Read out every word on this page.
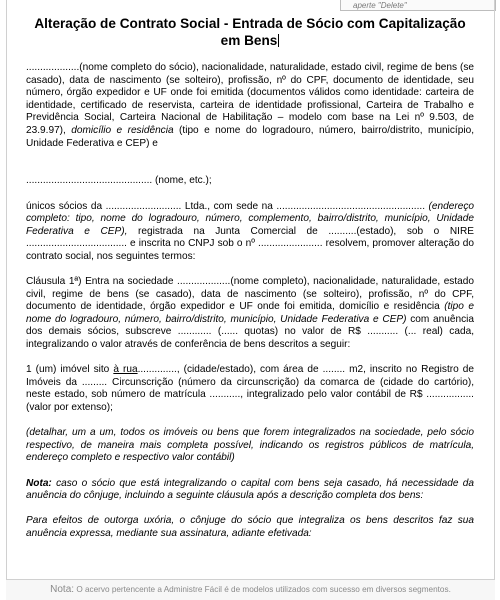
aperte "Delete"
Alteração de Contrato Social - Entrada de Sócio com Capitalização em Bens

...................(nome completo do sócio), nacionalidade, naturalidade, estado civil, regime de bens (se casado), data de nascimento (se solteiro), profissão, nº do CPF, documento de identidade, seu número, órgão expedidor e UF onde foi emitida (documentos válidos como identidade: carteira de identidade, certificado de reservista, carteira de identidade profissional, Carteira de Trabalho e Previdência Social, Carteira Nacional de Habilitação – modelo com base na Lei nº 9.503, de 23.9.97), domicílio e residência (tipo e nome do logradouro, número, bairro/distrito, município, Unidade Federativa e CEP) e

............................................. (nome, etc.);

únicos sócios da ........................... Ltda., com sede na ..................................................... (endereço completo: tipo, nome do logradouro, número, complemento, bairro/distrito, município, Unidade Federativa e CEP), registrada na Junta Comercial de ..........(estado), sob o NIRE .................................... e inscrita no CNPJ sob o nº ....................... resolvem, promover alteração do contrato social, nos seguintes termos:

Cláusula 1ª) Entra na sociedade ...................(nome completo), nacionalidade, naturalidade, estado civil, regime de bens (se casado), data de nascimento (se solteiro), profissão, nº do CPF, documento de identidade, órgão expedidor e UF onde foi emitida, domicílio e residência (tipo e nome do logradouro, número, bairro/distrito, município, Unidade Federativa e CEP) com anuência dos demais sócios, subscreve ............ (...... quotas) no valor de R$ ........... (... real) cada, integralizando o valor através de conferência de bens descritos a seguir:

1 (um) imóvel sito à rua.............., (cidade/estado), com área de ........ m2, inscrito no Registro de Imóveis da ......... Circunscrição (número da circunscrição) da comarca de (cidade do cartório), neste estado, sob número de matrícula ..........., integralizado pelo valor contábil de R$ ................. (valor por extenso);

(detalhar, um a um, todos os imóveis ou bens que forem integralizados na sociedade, pelo sócio respectivo, de maneira mais completa possível, indicando os registros públicos de matrícula, endereço completo e respectivo valor contábil)

Nota: caso o sócio que está integralizando o capital com bens seja casado, há necessidade da anuência do cônjuge, incluindo a seguinte cláusula após a descrição completa dos bens:

Para efeitos de outorga uxória, o cônjuge do sócio que integraliza os bens descritos faz sua anuência expressa, mediante sua assinatura, adiante efetivada:

Nota: O acervo pertencente a Administre Fácil é de modelos utilizados com sucesso em diversos segmentos.
